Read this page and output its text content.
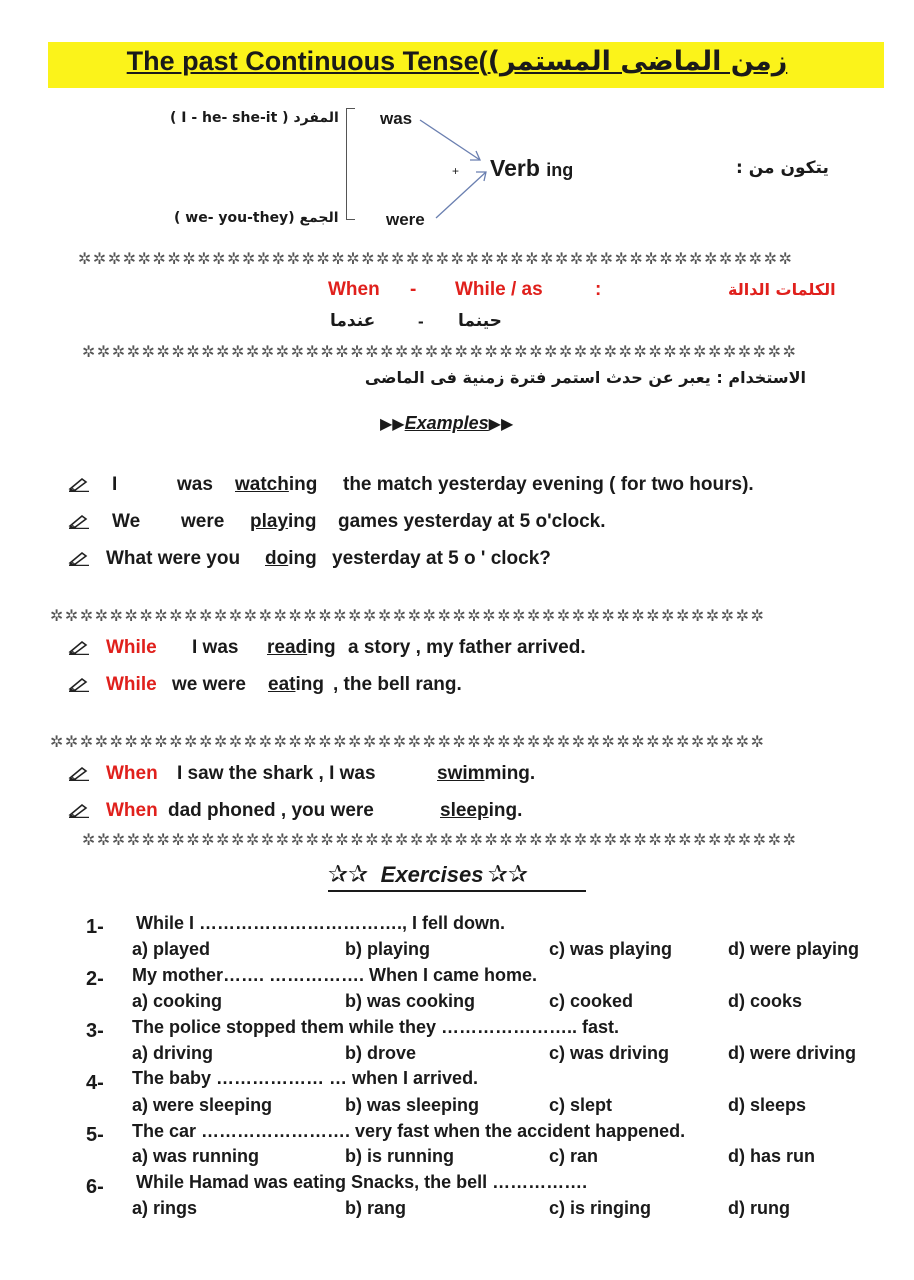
The past Continuous Tense(زمن الماضى المستمر)
( I - he- she-it ) المفرد
( we- you-they) الجمع
was
were
+ Verb ing	يتكون من :
✲✲✲✲✲✲✲✲✲✲✲✲✲✲✲✲✲✲✲✲✲✲✲✲✲✲✲✲✲✲✲✲✲✲✲✲✲✲✲✲✲✲✲✲✲✲✲✲
When - While / as	:	الكلمات الدالة
عندما	- حينما
✲✲✲✲✲✲✲✲✲✲✲✲✲✲✲✲✲✲✲✲✲✲✲✲✲✲✲✲✲✲✲✲✲✲✲✲✲✲✲✲✲✲✲✲✲✲✲✲
الاستخدام : يعبر عن حدث استمر فترة زمنية فى الماضى
▶▶Examples▶▶
I	was watching the match yesterday evening ( for two hours).
We were playing games yesterday at 5 o'clock.
What were you doing yesterday at 5 o ' clock?
✲✲✲✲✲✲✲✲✲✲✲✲✲✲✲✲✲✲✲✲✲✲✲✲✲✲✲✲✲✲✲✲✲✲✲✲✲✲✲✲✲✲✲✲✲✲✲✲
While I was reading a story , my father arrived.
While we were eating , the bell rang.
✲✲✲✲✲✲✲✲✲✲✲✲✲✲✲✲✲✲✲✲✲✲✲✲✲✲✲✲✲✲✲✲✲✲✲✲✲✲✲✲✲✲✲✲✲✲✲✲
When I saw the shark , I was	swimming.
When dad phoned , you were	sleeping.
✲✲✲✲✲✲✲✲✲✲✲✲✲✲✲✲✲✲✲✲✲✲✲✲✲✲✲✲✲✲✲✲✲✲✲✲✲✲✲✲✲✲✲✲✲✲✲✲
✰✰ Exercises ✰✰
1- While I ……………………………., I fell down.
a) played	b) playing	c) was playing	d) were playing
2- My mother……. ……………. When I came home.
a) cooking	b) was cooking	c) cooked	d) cooks
3- The police stopped them while they ………………….. fast.
a) driving	b) drove	c) was driving	d) were driving
4- The baby ……………… … when I arrived.
a) were sleeping	b) was sleeping	c) slept	d) sleeps
5- The car ……………………. very fast when the accident happened.
a) was running	b) is running	c) ran	d) has run
6- While Hamad was eating Snacks, the bell …………….
a) rings	b) rang	c) is ringing	d) rung
